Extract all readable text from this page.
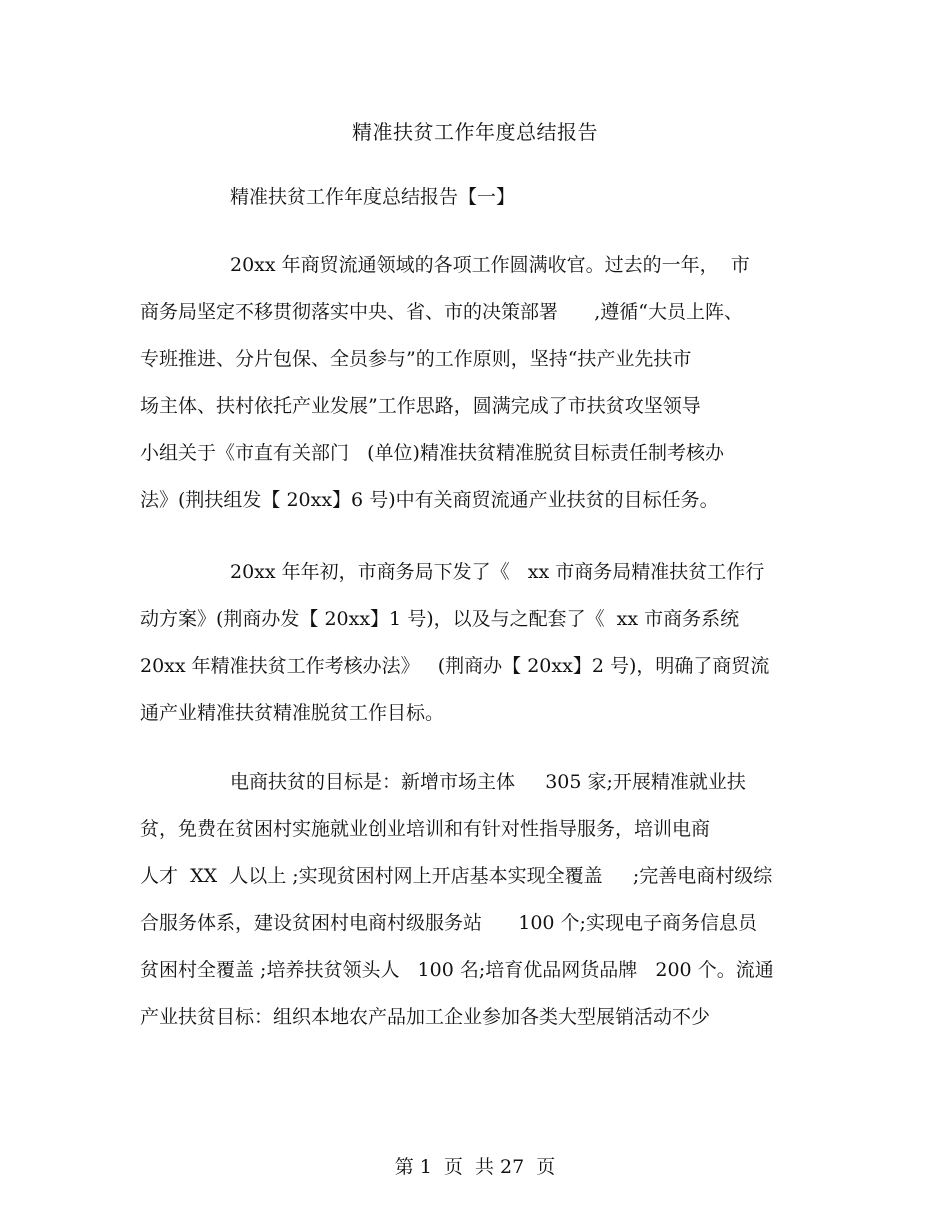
精准扶贫工作年度总结报告
精准扶贫工作年度总结报告【一】
20xx 年商贸流通领域的各项工作圆满收官。过去的一年，  市
商务局坚定不移贯彻落实中央、省、市的决策部署      ,遵循“大员上阵、
专班推进、分片包保、全员参与”的工作原则，坚持“扶产业先扶市
场主体、扶村依托产业发展”工作思路，圆满完成了市扶贫攻坚领导
小组关于《市直有关部门   (单位)精准扶贫精准脱贫目标责任制考核办
法》(荆扶组发【 20xx】6 号)中有关商贸流通产业扶贫的目标任务。
20xx 年年初，市商务局下发了《   xx 市商务局精准扶贫工作行
动方案》(荆商办发【 20xx】1 号)，以及与之配套了《  xx 市商务系统
20xx 年精准扶贫工作考核办法》   (荆商办【 20xx】2 号)，明确了商贸流
通产业精准扶贫精准脱贫工作目标。
电商扶贫的目标是：新增市场主体     305 家;开展精准就业扶
贫，免费在贫困村实施就业创业培训和有针对性指导服务，培训电商
人才  XX  人以上 ;实现贫困村网上开店基本实现全覆盖     ;完善电商村级综
合服务体系，建设贫困村电商村级服务站      100 个;实现电子商务信息员
贫困村全覆盖 ;培养扶贫领头人   100 名;培育优品网货品牌   200 个。流通
产业扶贫目标：组织本地农产品加工企业参加各类大型展销活动不少
第 1  页  共 27  页
